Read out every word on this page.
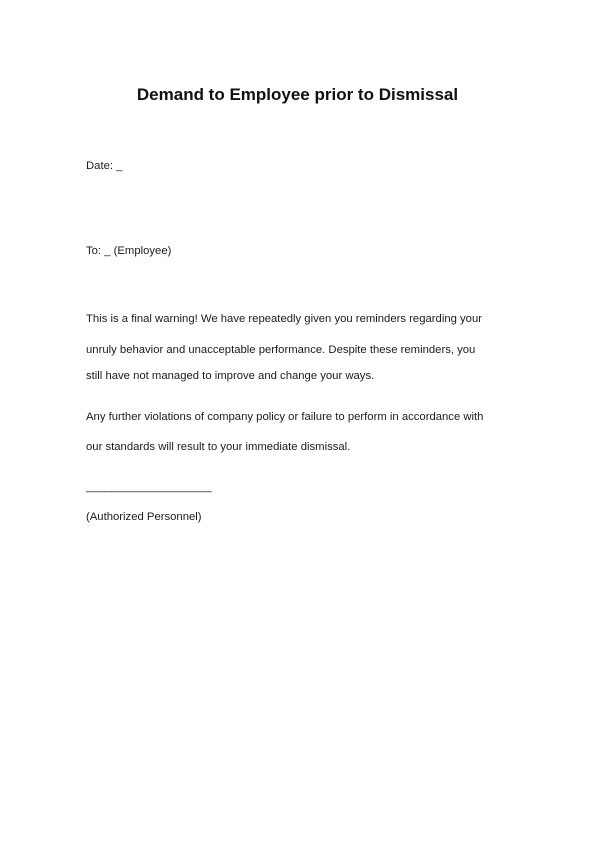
Demand to Employee prior to Dismissal
Date: _
To: _ (Employee)
This is a final warning! We have repeatedly given you reminders regarding your
unruly behavior and unacceptable performance. Despite these reminders, you
still have not managed to improve and change your ways.
Any further violations of company policy or failure to perform in accordance with
our standards will result to your immediate dismissal.
____________________
(Authorized Personnel)
